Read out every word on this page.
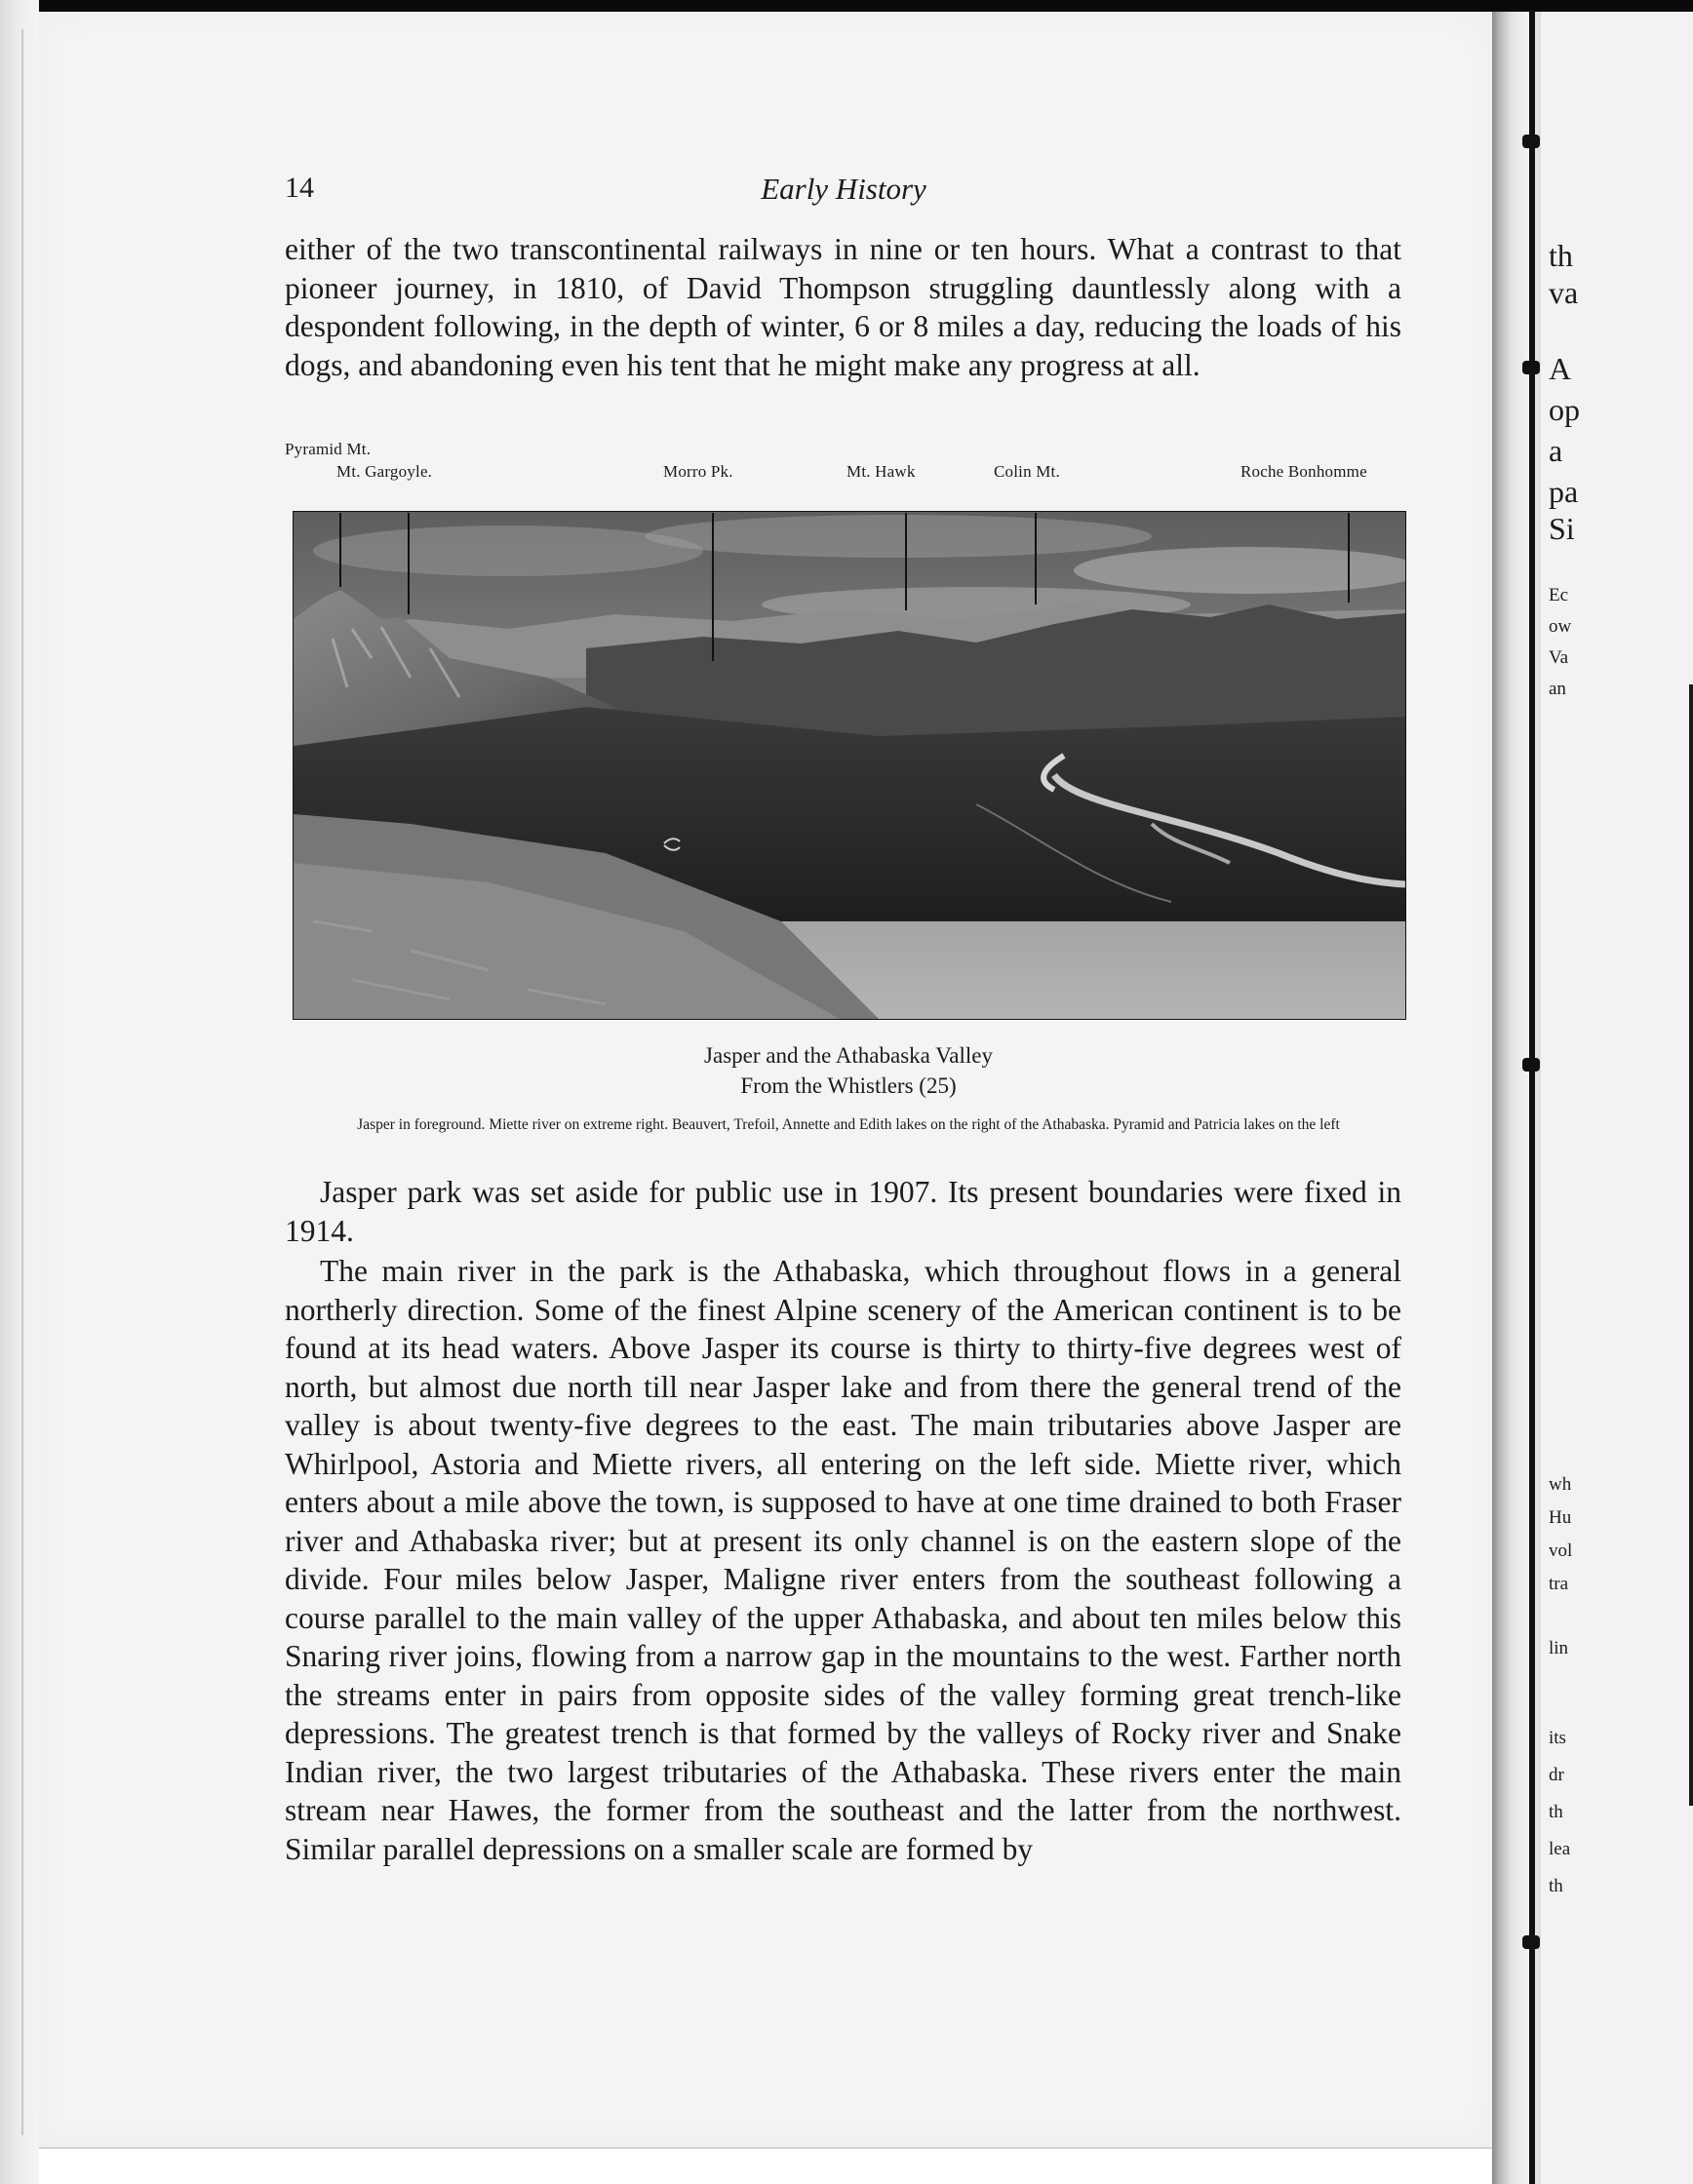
th
va
A
op
a
pa
Si
Ec
ow
Va
an
wh
Hu
vol
tra
lin
its
dr
th
lea
th
14	Early History

either of the two transcontinental railways in nine or ten hours. What a contrast to that pioneer journey, in 1810, of David Thompson struggling dauntlessly along with a despondent following, in the depth of winter, 6 or 8 miles a day, reducing the loads of his dogs, and abandoning even his tent that he might make any progress at all.

Pyramid Mt.
Mt. Gargoyle.	Morro Pk.	Mt. Hawk	Colin Mt.	Roche Bonhomme
Jasper and the Athabaska Valley
From the Whistlers (25)
Jasper in foreground. Miette river on extreme right. Beauvert, Trefoil, Annette and Edith lakes on the right of the Athabaska. Pyramid and Patricia lakes on the left

Jasper park was set aside for public use in 1907. Its present boundaries were fixed in 1914.

The main river in the park is the Athabaska, which throughout flows in a general northerly direction. Some of the finest Alpine scenery of the American continent is to be found at its head waters. Above Jasper its course is thirty to thirty-five degrees west of north, but almost due north till near Jasper lake and from there the general trend of the valley is about twenty-five degrees to the east. The main tributaries above Jasper are Whirlpool, Astoria and Miette rivers, all entering on the left side. Miette river, which enters about a mile above the town, is supposed to have at one time drained to both Fraser river and Athabaska river; but at present its only channel is on the eastern slope of the divide. Four miles below Jasper, Maligne river enters from the southeast following a course parallel to the main valley of the upper Athabaska, and about ten miles below this Snaring river joins, flowing from a narrow gap in the mountains to the west. Farther north the streams enter in pairs from opposite sides of the valley forming great trench-like depressions. The greatest trench is that formed by the valleys of Rocky river and Snake Indian river, the two largest tributaries of the Athabaska. These rivers enter the main stream near Hawes, the former from the southeast and the latter from the northwest. Similar parallel depressions on a smaller scale are formed by
